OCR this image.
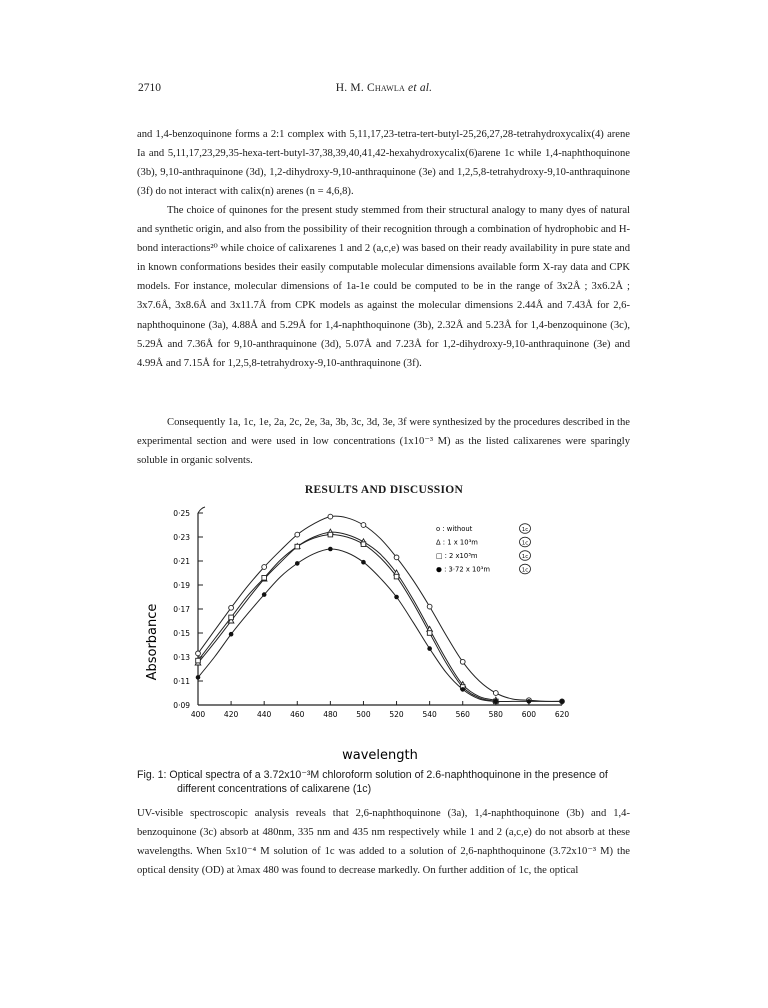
2710	H. M. Chawla et al.
and 1,4-benzoquinone forms a 2:1 complex with 5,11,17,23-tetra-tert-butyl-25,26,27,28-tetrahydroxycalix(4) arene Ia and 5,11,17,23,29,35-hexa-tert-butyl-37,38,39,40,41,42-hexahydroxycalix(6)arene 1c while 1,4-naphthoquinone (3b), 9,10-anthraquinone (3d), 1,2-dihydroxy-9,10-anthraquinone (3e) and 1,2,5,8-tetrahydroxy-9,10-anthraquinone (3f) do not interact with calix(n) arenes (n = 4,6,8).
The choice of quinones for the present study stemmed from their structural analogy to many dyes of natural and synthetic origin, and also from the possibility of their recognition through a combination of hydrophobic and H-bond interactions²⁰ while choice of calixarenes 1 and 2 (a,c,e) was based on their ready availability in pure state and in known conformations besides their easily computable molecular dimensions available form X-ray data and CPK models. For instance, molecular dimensions of 1a-1e could be computed to be in the range of 3x2Å ; 3x6.2Å ; 3x7.6Å, 3x8.6Å and 3x11.7Å from CPK models as against the molecular dimensions 2.44Å and 7.43Å for 2,6-naphthoquinone (3a), 4.88Å and 5.29Å for 1,4-naphthoquinone (3b), 2.32Å and 5.23Å for 1,4-benzoquinone (3c), 5.29Å and 7.36Å for 9,10-anthraquinone (3d), 5.07Å and 7.23Å for 1,2-dihydroxy-9,10-anthraquinone (3e) and 4.99Å and 7.15Å for 1,2,5,8-tetrahydroxy-9,10-anthraquinone (3f).
Consequently 1a, 1c, 1e, 2a, 2c, 2e, 3a, 3b, 3c, 3d, 3e, 3f were synthesized by the procedures described in the experimental section and were used in low concentrations (1x10⁻³ M) as the listed calixarenes were sparingly soluble in organic solvents.
RESULTS AND DISCUSSION
0·25
0·23
0·21
0·19
0·17
0·15
0·13
0·11
0·09
400	420	440	460	480	500	520	540	560	580	600	620
o : without	1c
Δ : 1 x 10³m	1c
□ : 2 x10³m	1c
● : 3·72 x 10³m	1c
Absorbance
wavelength
Fig. 1: Optical spectra of a 3.72x10⁻³M chloroform solution of 2.6-naphthoquinone in the presence of different concentrations of calixarene (1c)
UV-visible spectroscopic analysis reveals that 2,6-naphthoquinone (3a), 1,4-naphthoquinone (3b) and 1,4-benzoquinone (3c) absorb at 480nm, 335 nm and 435 nm respectively while 1 and 2 (a,c,e) do not absorb at these wavelengths. When 5x10⁻⁴ M solution of 1c was added to a solution of 2,6-naphthoquinone (3.72x10⁻³ M) the optical density (OD) at λmax 480 was found to decrease markedly. On further addition of 1c, the optical
